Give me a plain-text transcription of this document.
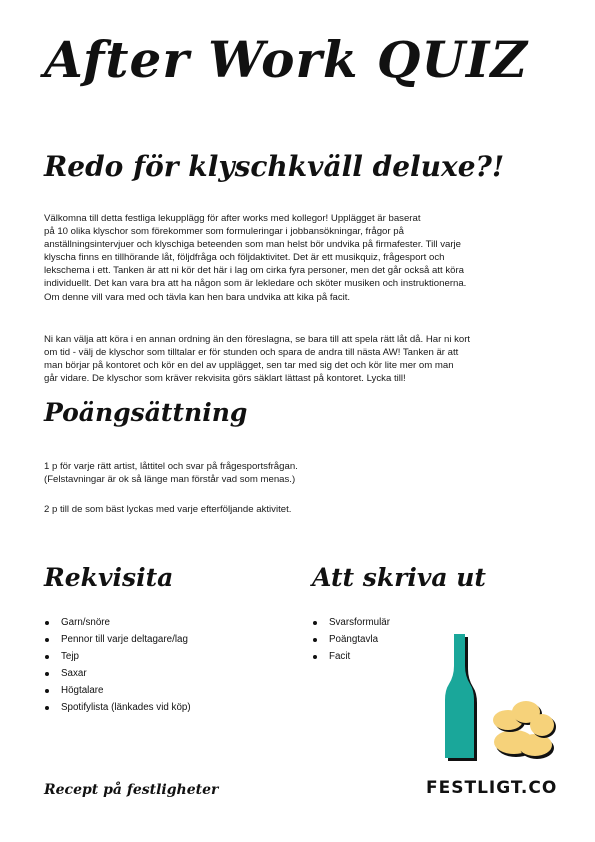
After Work QUIZ
Redo för klyschkväll deluxe?!
Välkomna till detta festliga lekupplägg för after works med kollegor! Upplägget är baserat
på 10 olika klyschor som förekommer som formuleringar i jobbansökningar, frågor på
anställningsintervjuer och klyschiga beteenden som man helst bör undvika på firmafester. Till varje
klyscha finns en tillhörande låt, följdfråga och följdaktivitet. Det är ett musikquiz, frågesport och
lekschema i ett. Tanken är att ni kör det här i lag om cirka fyra personer, men det går också att köra
individuellt. Det kan vara bra att ha någon som är lekledare och sköter musiken och instruktionerna.
Om denne vill vara med och tävla kan hen bara undvika att kika på facit.
Ni kan välja att köra i en annan ordning än den föreslagna, se bara till att spela rätt låt då. Har ni kort
om tid - välj de klyschor som tilltalar er för stunden och spara de andra till nästa AW! Tanken är att
man börjar på kontoret och kör en del av upplägget, sen tar med sig det och kör lite mer om man
går vidare. De klyschor som kräver rekvisita görs säklart lättast på kontoret. Lycka till!
Poängsättning
1 p för varje rätt artist, låttitel och svar på frågesportsfrågan.
(Felstavningar är ok så länge man förstår vad som menas.)
2 p till de som bäst lyckas med varje efterföljande aktivitet.
Rekvisita
Garn/snöre
Pennor till varje deltagare/lag
Tejp
Saxar
Högtalare
Spotifylista (länkades vid köp)
Att skriva ut
Svarsformulär
Poängtavla
Facit

Recept på festligheter	FESTLIGT.CO
